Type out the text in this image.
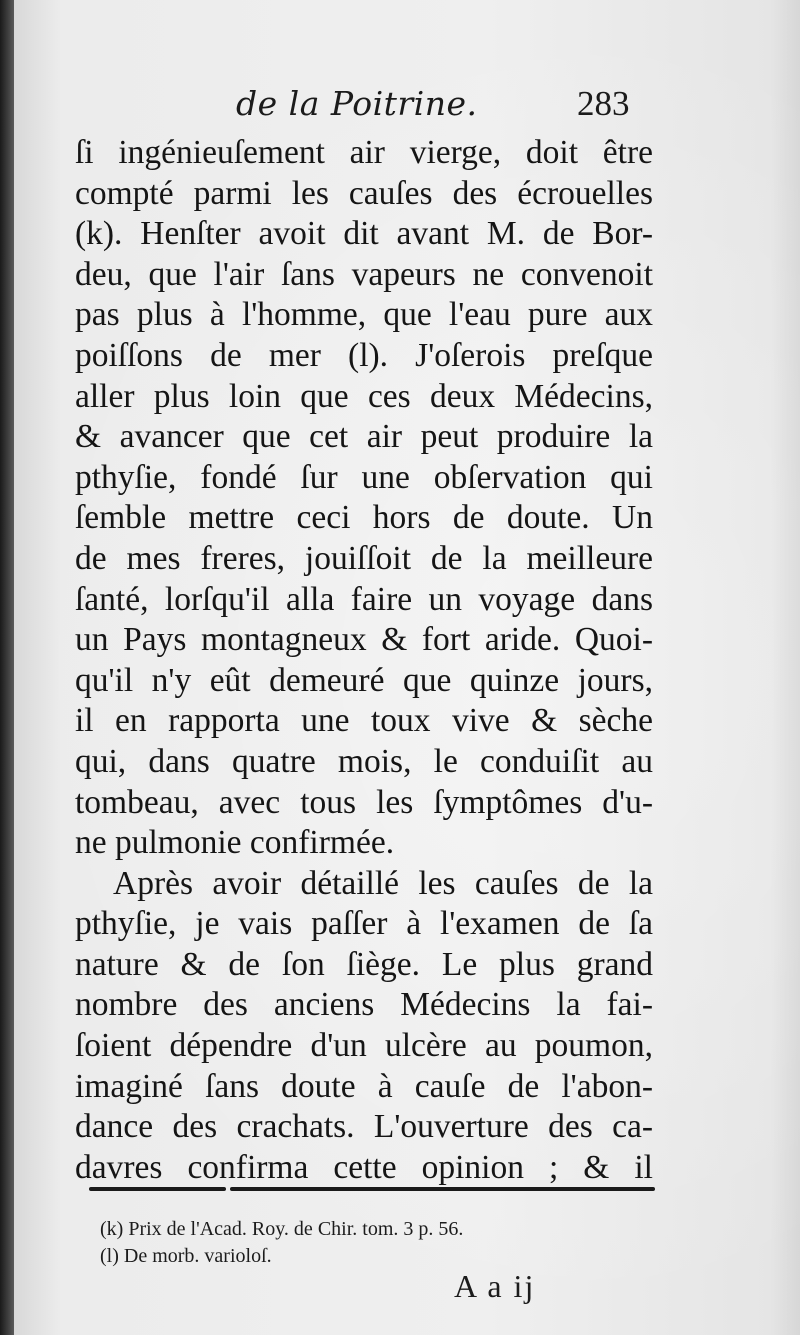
de la Poitrine.	283
ſi ingénieuſement air vierge, doit être
compté parmi les cauſes des écrouelles
(k). Henſter avoit dit avant M. de Bor-
deu, que l'air ſans vapeurs ne convenoit
pas plus à l'homme, que l'eau pure aux
poiſſons de mer (l). J'oſerois preſque
aller plus loin que ces deux Médecins,
& avancer que cet air peut produire la
pthyſie, fondé ſur une obſervation qui
ſemble mettre ceci hors de doute. Un
de mes freres, jouiſſoit de la meilleure
ſanté, lorſqu'il alla faire un voyage dans
un Pays montagneux & fort aride. Quoi-
qu'il n'y eût demeuré que quinze jours,
il en rapporta une toux vive & sèche
qui, dans quatre mois, le conduiſit au
tombeau, avec tous les ſymptômes d'u-
ne pulmonie confirmée.
Après avoir détaillé les cauſes de la
pthyſie, je vais paſſer à l'examen de ſa
nature & de ſon ſiège. Le plus grand
nombre des anciens Médecins la fai-
ſoient dépendre d'un ulcère au poumon,
imaginé ſans doute à cauſe de l'abon-
dance des crachats. L'ouverture des ca-
davres confirma cette opinion ; & il
(k) Prix de l'Acad. Roy. de Chir. tom. 3 p. 56.
(l) De morb. varioloſ.
A a ij
